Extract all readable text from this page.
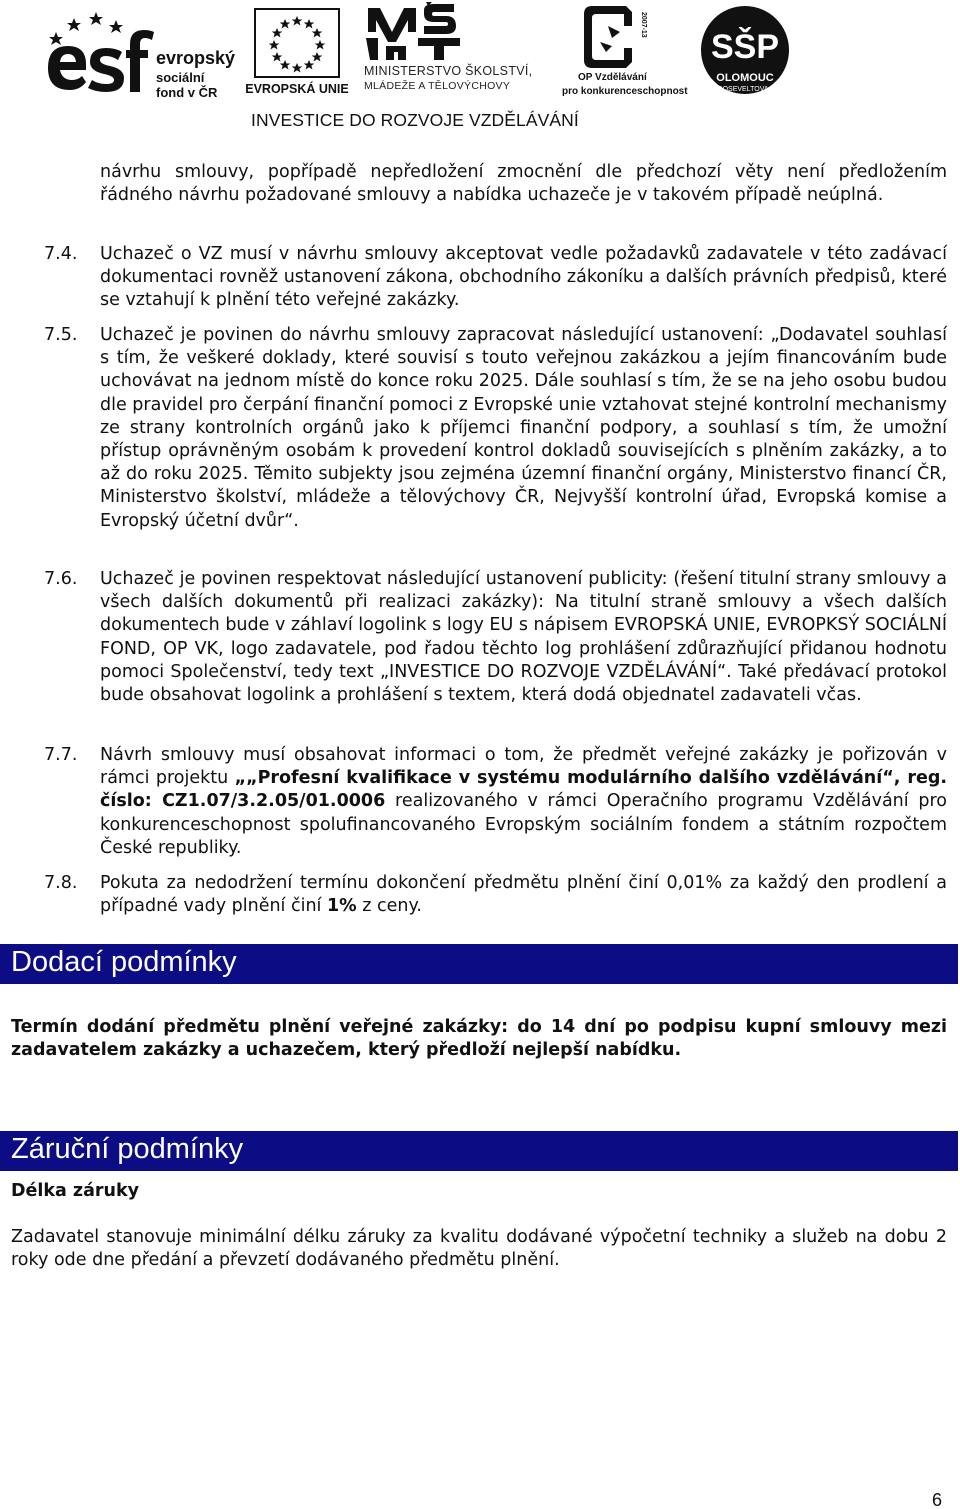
evropský
sociální
fond v ČR EVROPSKÁ UNIE
MINISTERSTVO ŠKOLSTVÍ,
MLÁDEŽE A TĚLOVÝCHOVY
2007-13
OP Vzdělávání
pro konkurenceschopnost
SŠP
OLOMOUC
ROOSEVELTOVA 79
INVESTICE DO ROZVOJE VZDĚLÁVÁNÍ

návrhu smlouvy, popřípadě nepředložení zmocnění dle předchozí věty není předložením řádného návrhu požadované smlouvy a nabídka uchazeče je v takovém případě neúplná.

7.4. Uchazeč o VZ musí v návrhu smlouvy akceptovat vedle požadavků zadavatele v této zadávací dokumentaci rovněž ustanovení zákona, obchodního zákoníku a dalších právních předpisů, které se vztahují k plnění této veřejné zakázky.

7.5. Uchazeč je povinen do návrhu smlouvy zapracovat následující ustanovení: „Dodavatel souhlasí s tím, že veškeré doklady, které souvisí s touto veřejnou zakázkou a jejím financováním bude uchovávat na jednom místě do konce roku 2025. Dále souhlasí s tím, že se na jeho osobu budou dle pravidel pro čerpání finanční pomoci z Evropské unie vztahovat stejné kontrolní mechanismy ze strany kontrolních orgánů jako k příjemci finanční podpory, a souhlasí s tím, že umožní přístup oprávněným osobám k provedení kontrol dokladů souvisejících s plněním zakázky, a to až do roku 2025. Těmito subjekty jsou zejména územní finanční orgány, Ministerstvo financí ČR, Ministerstvo školství, mládeže a tělovýchovy ČR, Nejvyšší kontrolní úřad, Evropská komise a Evropský účetní dvůr“.

7.6. Uchazeč je povinen respektovat následující ustanovení publicity: (řešení titulní strany smlouvy a všech dalších dokumentů při realizaci zakázky): Na titulní straně smlouvy a všech dalších dokumentech bude v záhlaví logolink s logy EU s nápisem EVROPSKÁ UNIE, EVROPKSÝ SOCIÁLNÍ FOND, OP VK, logo zadavatele, pod řadou těchto log prohlášení zdůrazňující přidanou hodnotu pomoci Společenství, tedy text „INVESTICE DO ROZVOJE VZDĚLÁVÁNÍ“. Také předávací protokol bude obsahovat logolink a prohlášení s textem, která dodá objednatel zadavateli včas.

7.7. Návrh smlouvy musí obsahovat informaci o tom, že předmět veřejné zakázky je pořizován v rámci projektu „„Profesní kvalifikace v systému modulárního dalšího vzdělávání“, reg. číslo: CZ1.07/3.2.05/01.0006 realizovaného v rámci Operačního programu Vzdělávání pro konkurenceschopnost spolufinancovaného Evropským sociálním fondem a státním rozpočtem České republiky.

7.8. Pokuta za nedodržení termínu dokončení předmětu plnění činí 0,01% za každý den prodlení a případné vady plnění činí 1% z ceny.

Dodací podmínky

Termín dodání předmětu plnění veřejné zakázky: do 14 dní po podpisu kupní smlouvy mezi zadavatelem zakázky a uchazečem, který předloží nejlepší nabídku.

Záruční podmínky

Délka záruky

Zadavatel stanovuje minimální délku záruky za kvalitu dodávané výpočetní techniky a služeb na dobu 2 roky ode dne předání a převzetí dodávaného předmětu plnění.

6
